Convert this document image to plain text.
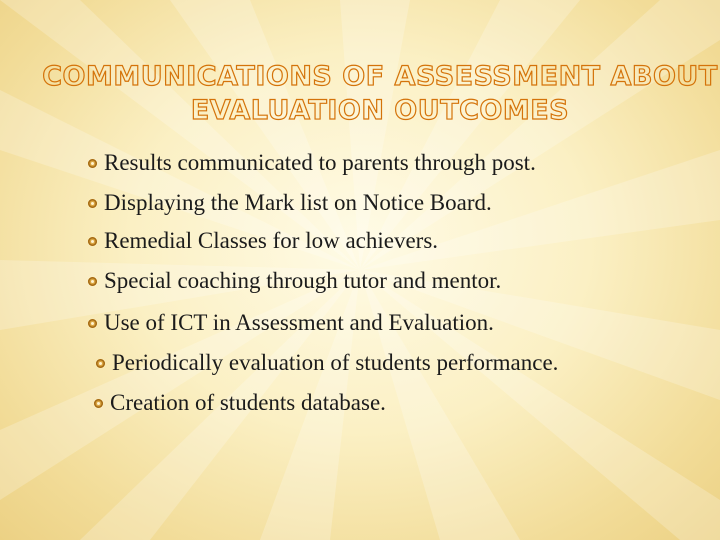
COMMUNICATIONS OF ASSESSMENT ABOUT
EVALUATION OUTCOMES
Results communicated to parents through post.
Displaying the Mark list on Notice Board.
Remedial Classes for low achievers.
Special coaching through tutor and mentor.
Use of ICT in Assessment and Evaluation.
Periodically evaluation of students performance.
Creation of students database.
